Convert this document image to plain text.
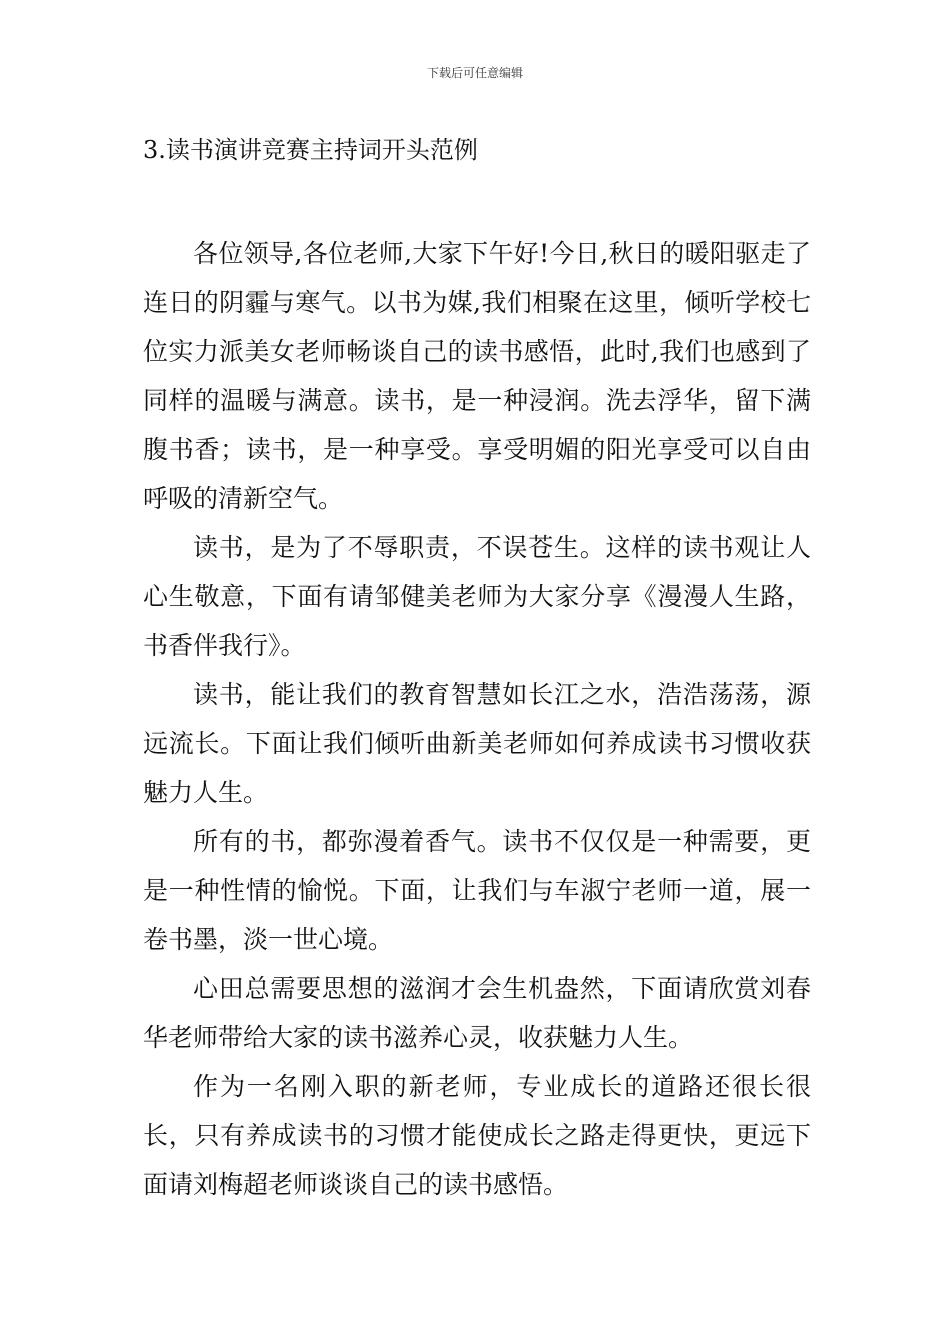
下载后可任意编辑
3.读书演讲竞赛主持词开头范例

各位领导,各位老师,大家下午好!今日,秋日的暖阳驱走了连日的阴霾与寒气。以书为媒,我们相聚在这里，倾听学校七位实力派美女老师畅谈自己的读书感悟，此时,我们也感到了同样的温暖与满意。读书，是一种浸润。洗去浮华，留下满腹书香；读书，是一种享受。享受明媚的阳光享受可以自由呼吸的清新空气。

读书，是为了不辱职责，不误苍生。这样的读书观让人心生敬意，下面有请邹健美老师为大家分享《漫漫人生路，书香伴我行》。

读书，能让我们的教育智慧如长江之水，浩浩荡荡，源远流长。下面让我们倾听曲新美老师如何养成读书习惯收获魅力人生。

所有的书，都弥漫着香气。读书不仅仅是一种需要，更是一种性情的愉悦。下面，让我们与车淑宁老师一道，展一卷书墨，淡一世心境。

心田总需要思想的滋润才会生机盎然，下面请欣赏刘春华老师带给大家的读书滋养心灵，收获魅力人生。

作为一名刚入职的新老师，专业成长的道路还很长很长，只有养成读书的习惯才能使成长之路走得更快，更远下面请刘梅超老师谈谈自己的读书感悟。
